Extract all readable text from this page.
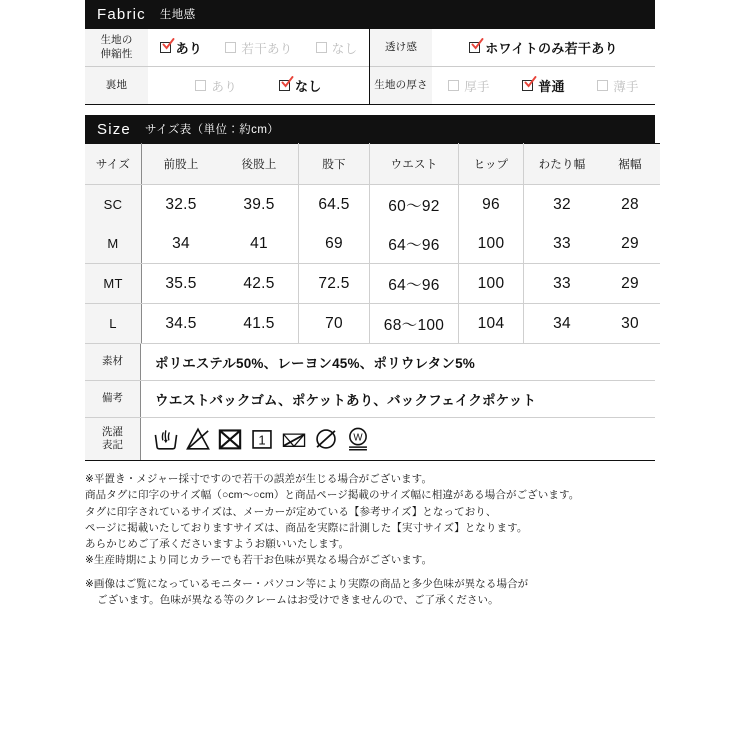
Fabric 生地感
生地の
伸縮性	あり	若干あり	なし
裏地	あり	なし
透け感	ホワイトのみ若干あり
生地の厚さ	厚手	普通	薄手
Size サイズ表（単位：約cm）
サイズ	前股上	後股上	股下	ウエスト	ヒップ	わたり幅	裾幅
SC	32.5	39.5	64.5	60〜92	96	32	28
M	34	41	69	64〜96	100	33	29
MT	35.5	42.5	72.5	64〜96	100	33	29
L	34.5	41.5	70	68〜100	104	34	30
素材	ポリエステル50%、レーヨン45%、ポリウレタン5%
備考	ウエストバックゴム、ポケットあり、バックフェイクポケット
洗濯
表記	1	W

※平置き・メジャー採寸ですので若干の誤差が生じる場合がございます。

商品タグに印字のサイズ幅（○cm〜○cm）と商品ページ掲載のサイズ幅に相違がある場合がございます。

タグに印字されているサイズは、メーカーが定めている【参考サイズ】となっており、

ページに掲載いたしておりますサイズは、商品を実際に計測した【実寸サイズ】となります。

あらかじめご了承くださいますようお願いいたします。

※生産時期により同じカラーでも若干お色味が異なる場合がございます。

※画像はご覧になっているモニター・パソコン等により実際の商品と多少色味が異なる場合が

ございます。色味が異なる等のクレームはお受けできませんので、ご了承ください。
